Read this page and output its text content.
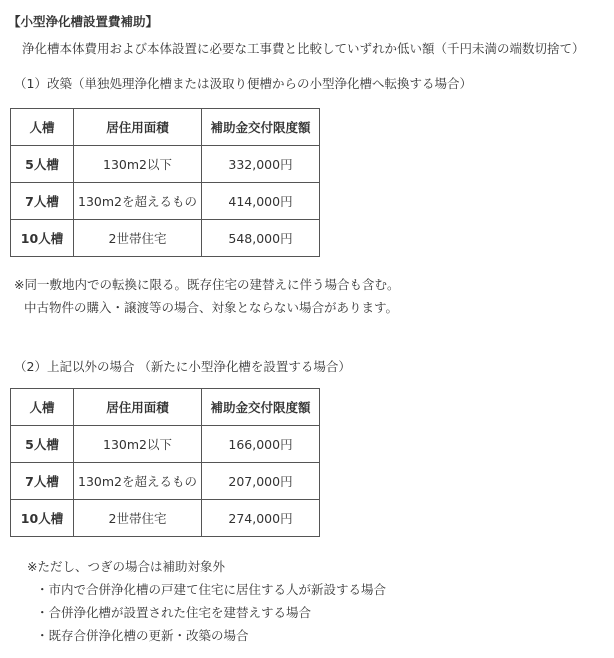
【小型浄化槽設置費補助】
浄化槽本体費用および本体設置に必要な工事費と比較していずれか低い額（千円未満の端数切捨て）
（1）改築（単独処理浄化槽または汲取り便槽からの小型浄化槽へ転換する場合）
人槽	居住用面積	補助金交付限度額
5人槽	130m2以下	332,000円
7人槽	130m2を超えるもの	414,000円
10人槽	2世帯住宅	548,000円
※同一敷地内での転換に限る。既存住宅の建替えに伴う場合も含む。
中古物件の購入・譲渡等の場合、対象とならない場合があります。
（2）上記以外の場合 （新たに小型浄化槽を設置する場合）
人槽	居住用面積	補助金交付限度額
5人槽	130m2以下	166,000円
7人槽	130m2を超えるもの	207,000円
10人槽	2世帯住宅	274,000円
※ただし、つぎの場合は補助対象外
・市内で合併浄化槽の戸建て住宅に居住する人が新設する場合
・合併浄化槽が設置された住宅を建替えする場合
・既存合併浄化槽の更新・改築の場合
